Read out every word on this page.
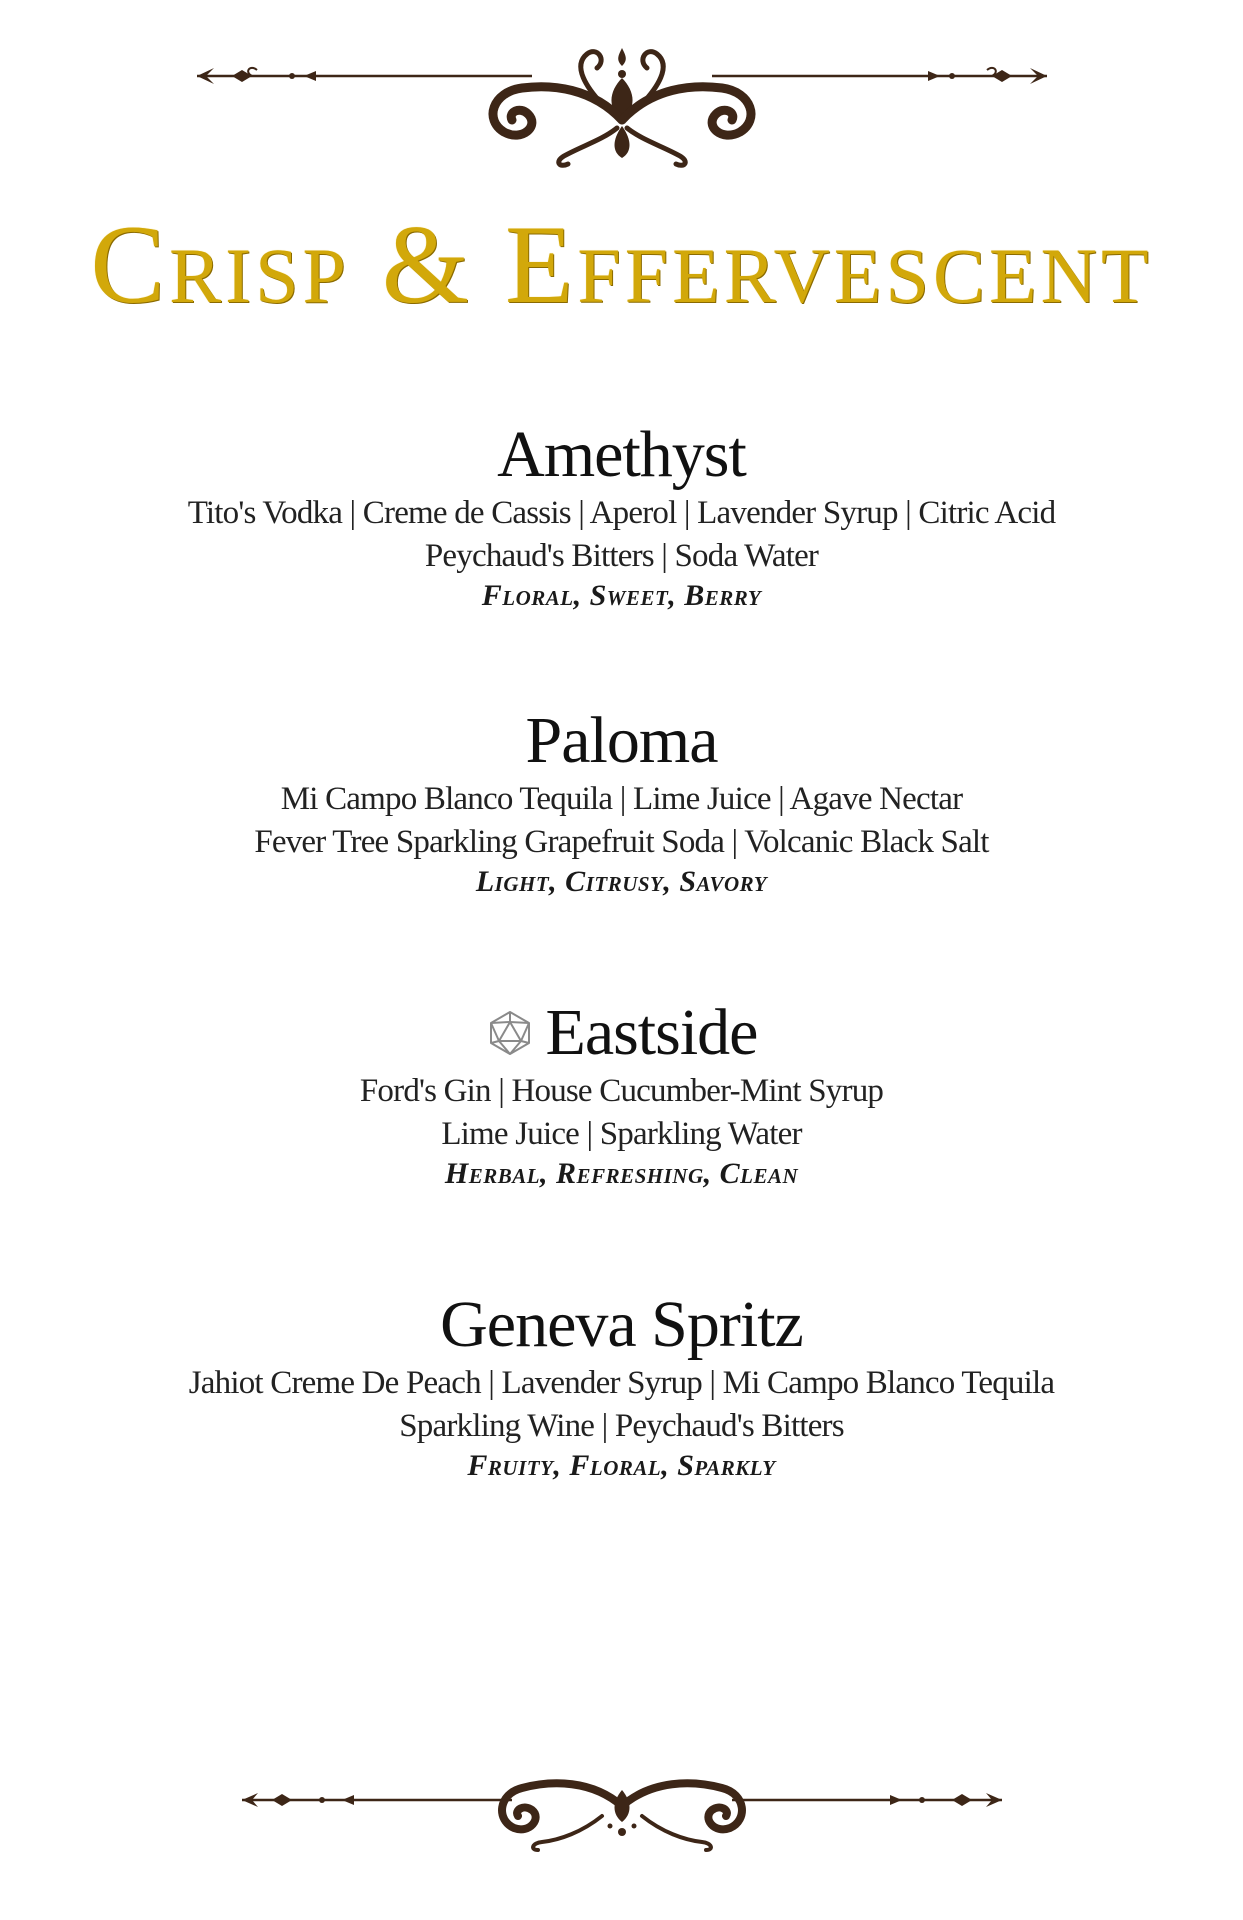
Crisp & Effervescent
Amethyst
Tito's Vodka | Creme de Cassis | Aperol | Lavender Syrup | Citric Acid
Peychaud's Bitters | Soda Water
Floral, Sweet, Berry
Paloma
Mi Campo Blanco Tequila | Lime Juice | Agave Nectar
Fever Tree Sparkling Grapefruit Soda | Volcanic Black Salt
Light, Citrusy, Savory
Eastside
Ford's Gin | House Cucumber-Mint Syrup
Lime Juice | Sparkling Water
Herbal, Refreshing, Clean
Geneva Spritz
Jahiot Creme De Peach | Lavender Syrup | Mi Campo Blanco Tequila
Sparkling Wine | Peychaud's Bitters
Fruity, Floral, Sparkly
